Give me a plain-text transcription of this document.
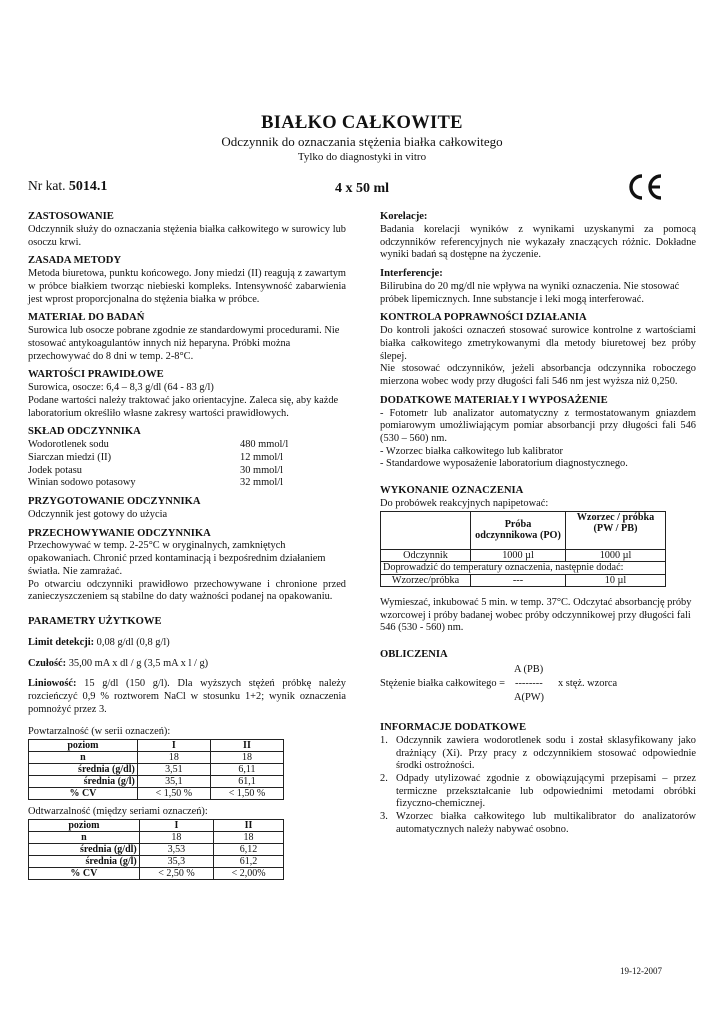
BIAŁKO CAŁKOWITE
Odczynnik do oznaczania stężenia białka całkowitego
Tylko do diagnostyki in vitro
Nr kat. 5014.1	4 x 50 ml
ZASTOSOWANIE

Odczynnik służy do oznaczania stężenia białka całkowitego w surowicy lub osoczu krwi.

ZASADA METODY

Metoda biuretowa, punktu końcowego. Jony miedzi (II) reagują z zawartym w próbce białkiem tworząc niebieski kompleks. Intensywność zabarwienia jest wprost proporcjonalna do stężenia białka w próbce.

MATERIAŁ DO BADAŃ

Surowica lub osocze pobrane zgodnie ze standardowymi procedurami. Nie stosować antykoagulantów innych niż heparyna. Próbki można przechowywać do 8 dni w temp. 2-8°C.

WARTOŚCI PRAWIDŁOWE

Surowica, osocze: 6,4 – 8,3 g/dl (64 - 83 g/l)

Podane wartości należy traktować jako orientacyjne. Zaleca się, aby każde laboratorium określiło własne zakresy wartości prawidłowych.

SKŁAD ODCZYNNIKA
Wodorotlenek sodu	480 mmol/l
Siarczan miedzi (II)	12 mmol/l
Jodek potasu	30 mmol/l
Winian sodowo potasowy	32 mmol/l
PRZYGOTOWANIE ODCZYNNIKA

Odczynnik jest gotowy do użycia

PRZECHOWYWANIE ODCZYNNIKA

Przechowywać w temp. 2-25°C w oryginalnych, zamkniętych opakowaniach. Chronić przed kontaminacją i bezpośrednim działaniem światła. Nie zamrażać.

Po otwarciu odczynniki prawidłowo przechowywane i chronione przed zanieczyszczeniem są stabilne do daty ważności podanej na opakowaniu.

PARAMETRY UŻYTKOWE

Limit detekcji: 0,08 g/dl (0,8 g/l)

Czułość: 35,00 mA x dl / g (3,5 mA x l / g)

Liniowość: 15 g/dl (150 g/l). Dla wyższych stężeń próbkę należy rozcieńczyć 0,9 % roztworem NaCl w stosunku 1+2; wynik oznaczenia pomnożyć przez 3.

Powtarzalność (w serii oznaczeń):
poziom	I	II
n	18	18
średnia (g/dl)	3,51	6,11
średnia (g/l)	35,1	61,1
% CV	< 1,50 %	< 1,50 %
Odtwarzalność (między seriami oznaczeń):
poziom	I	II
n	18	18
średnia (g/dl)	3,53	6,12
średnia (g/l)	35,3	61,2
% CV	< 2,50 %	< 2,00%
Korelacje:

Badania korelacji wyników z wynikami uzyskanymi za pomocą odczynników referencyjnych nie wykazały znaczących różnic. Dokładne wyniki badań są dostępne na życzenie.

Interferencje:

Bilirubina do 20 mg/dl nie wpływa na wyniki oznaczenia. Nie stosować próbek lipemicznych. Inne substancje i leki mogą interferować.

KONTROLA POPRAWNOŚCI DZIAŁANIA

Do kontroli jakości oznaczeń stosować surowice kontrolne z wartościami białka całkowitego zmetrykowanymi dla metody biuretowej bez próby ślepej.

Nie stosować odczynników, jeżeli absorbancja odczynnika roboczego mierzona wobec wody przy długości fali 546 nm jest wyższa niż 0,250.

DODATKOWE MATERIAŁY I WYPOSAŻENIE

- Fotometr lub analizator automatyczny z termostatowanym gniazdem pomiarowym umożliwiającym pomiar absorbancji przy długości fali 546 (530 – 560) nm.

- Wzorzec białka całkowitego lub kalibrator

- Standardowe wyposażenie laboratorium diagnostycznego.

WYKONANIE OZNACZENIA

Do probówek reakcyjnych napipetować:

	Próba odczynnikowa (PO)	Wzorzec / próbka (PW / PB)
Odczynnik	1000 µl	1000 µl
Doprowadzić do temperatury oznaczenia, następnie dodać:		
Wzorzec/próbka	---	10 µl

Wymieszać, inkubować 5 min. w temp. 37°C. Odczytać absorbancję próby wzorcowej i próby badanej wobec próby odczynnikowej przy długości fali 546 (530 - 560) nm.

OBLICZENIA
A (PB)
Stężenie białka całkowitego = -------- x stęż. wzorca
A(PW)
INFORMACJE DODATKOWE
1. Odczynnik zawiera wodorotlenek sodu i został sklasyfikowany jako drażniący (Xi). Przy pracy z odczynnikiem stosować odpowiednie środki ostrożności.
2. Odpady utylizować zgodnie z obowiązującymi przepisami – przez termiczne przekształcanie lub odpowiednimi metodami obróbki fizyczno-chemicznej.
3. Wzorzec białka całkowitego lub multikalibrator do analizatorów automatycznych należy nabywać osobno.
19-12-2007
